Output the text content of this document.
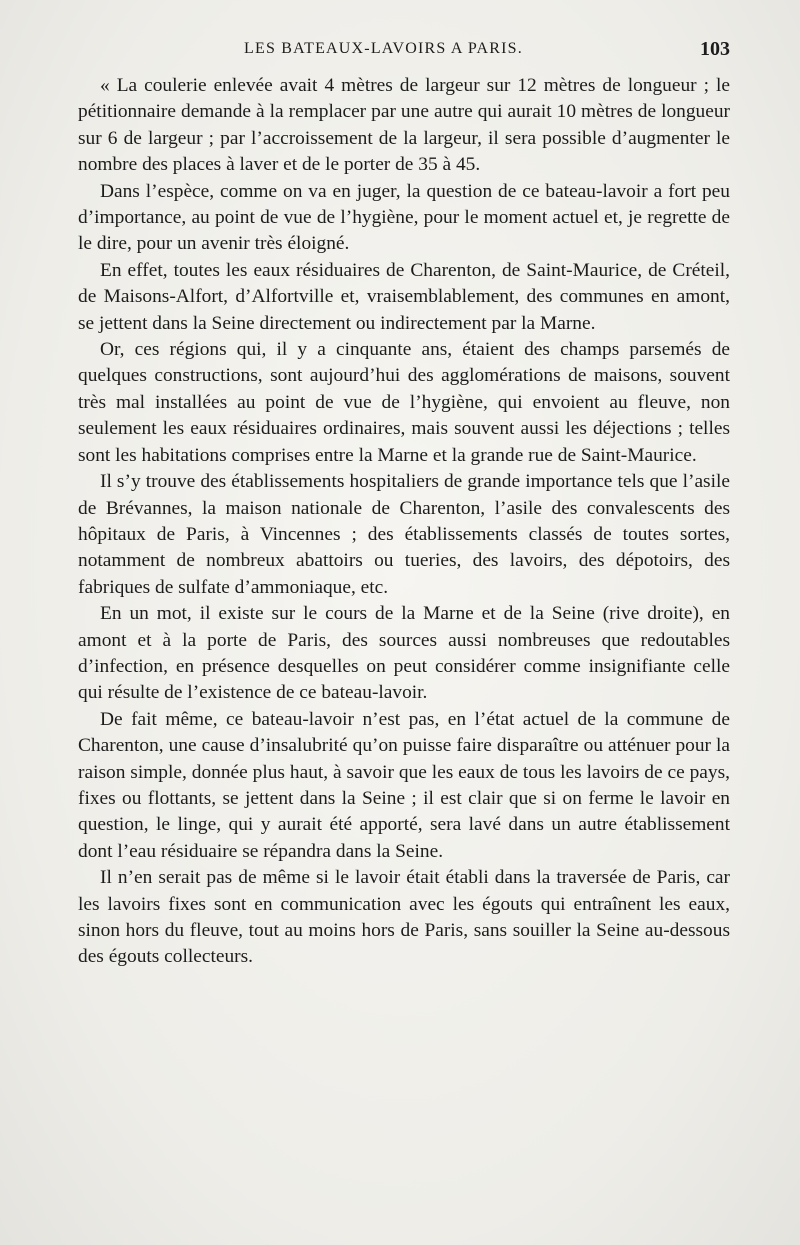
LES BATEAUX-LAVOIRS A PARIS.	103

« La coulerie enlevée avait 4 mètres de largeur sur 12 mètres de longueur ; le pétitionnaire demande à la remplacer par une autre qui aurait 10 mètres de longueur sur 6 de largeur ; par l’accroissement de la largeur, il sera possible d’augmenter le nombre des places à laver et de le porter de 35 à 45.

Dans l’espèce, comme on va en juger, la question de ce bateau-lavoir a fort peu d’importance, au point de vue de l’hygiène, pour le moment actuel et, je regrette de le dire, pour un avenir très éloigné.

En effet, toutes les eaux résiduaires de Charenton, de Saint-Maurice, de Créteil, de Maisons-Alfort, d’Alfortville et, vraisemblablement, des communes en amont, se jettent dans la Seine directement ou indirectement par la Marne.

Or, ces régions qui, il y a cinquante ans, étaient des champs parsemés de quelques constructions, sont aujourd’hui des agglomérations de maisons, souvent très mal installées au point de vue de l’hygiène, qui envoient au fleuve, non seulement les eaux résiduaires ordinaires, mais souvent aussi les déjections ; telles sont les habitations comprises entre la Marne et la grande rue de Saint-Maurice.

Il s’y trouve des établissements hospitaliers de grande importance tels que l’asile de Brévannes, la maison nationale de Charenton, l’asile des convalescents des hôpitaux de Paris, à Vincennes ; des établissements classés de toutes sortes, notamment de nombreux abattoirs ou tueries, des lavoirs, des dépotoirs, des fabriques de sulfate d’ammoniaque, etc.

En un mot, il existe sur le cours de la Marne et de la Seine (rive droite), en amont et à la porte de Paris, des sources aussi nombreuses que redoutables d’infection, en présence desquelles on peut considérer comme insignifiante celle qui résulte de l’existence de ce bateau-lavoir.

De fait même, ce bateau-lavoir n’est pas, en l’état actuel de la commune de Charenton, une cause d’insalubrité qu’on puisse faire disparaître ou atténuer pour la raison simple, donnée plus haut, à savoir que les eaux de tous les lavoirs de ce pays, fixes ou flottants, se jettent dans la Seine ; il est clair que si on ferme le lavoir en question, le linge, qui y aurait été apporté, sera lavé dans un autre établissement dont l’eau résiduaire se répandra dans la Seine.

Il n’en serait pas de même si le lavoir était établi dans la traversée de Paris, car les lavoirs fixes sont en communication avec les égouts qui entraînent les eaux, sinon hors du fleuve, tout au moins hors de Paris, sans souiller la Seine au-dessous des égouts collecteurs.
